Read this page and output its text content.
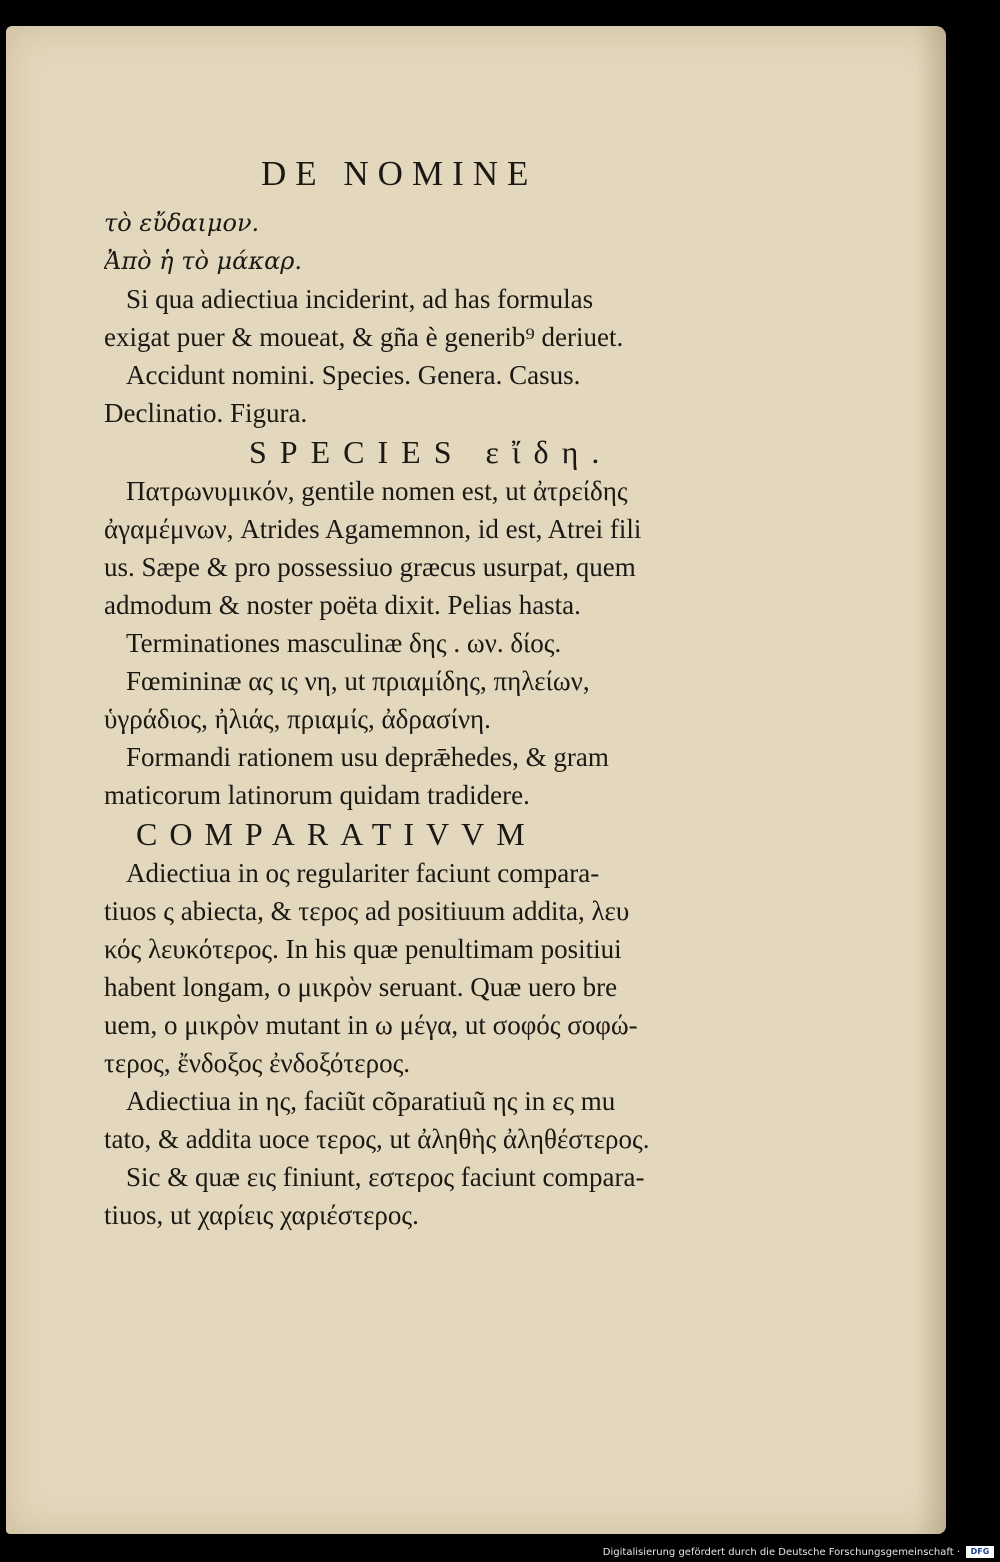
DE NOMINE
τὸ εὔδαιμον.
Ἀπὸ ἡ τὸ μάκαρ.
Si qua adiectiua inciderint, ad has formulas
exigat puer & moueat, & gña è generib⁹ deriuet.
Accidunt nomini. Species. Genera. Casus.
Declinatio. Figura.
SPECIES εἴδη.
Πατρωνυμικόν, gentile nomen est, ut ἀτρείδης
ἀγαμέμνων, Atrides Agamemnon, id est, Atrei fili
us. Sæpe & pro possessiuo græcus usurpat, quem
admodum & noster poëta dixit. Pelias hasta.
Terminationes masculinæ δης . ων. δίος.
Fœmininæ ας ις νη, ut πριαμίδης, πηλείων,
ὑγράδιος, ἠλιάς, πριαμίς, ἀδρασίνη.
Formandi rationem usu deprǣhedes, & gram
maticorum latinorum quidam tradidere.
COMPARATIVVM
Adiectiua in ος regulariter faciunt compara-
tiuos ς abiecta, & τερος ad positiuum addita, λευ
κός λευκότερος. In his quæ penultimam positiui
habent longam, ο μικρὸν seruant. Quæ uero bre
uem, ο μικρὸν mutant in ω μέγα, ut σοφός σοφώ-
τερος, ἔνδοξος ἐνδοξότερος.
Adiectiua in ης, faciũt cõparatiuũ ης in ες mu
tato, & addita uoce τερος, ut ἀληθὴς ἀληθέστερος.
Sic & quæ εις finiunt, εστερος faciunt compara-
tiuos, ut χαρίεις χαριέστερος.
Digitalisierung gefördert durch die Deutsche Forschungsgemeinschaft ·	DFG
